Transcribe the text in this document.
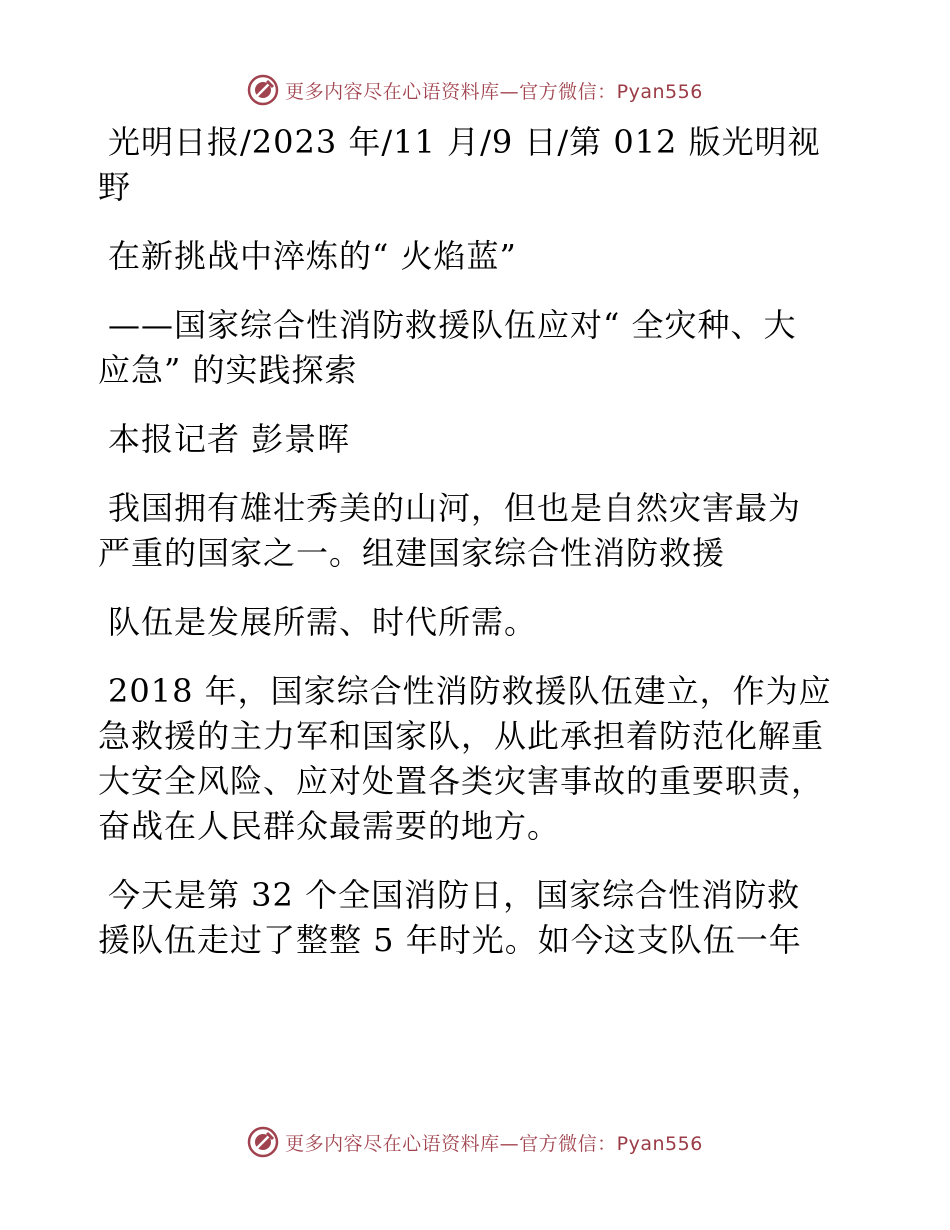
更多内容尽在心语资料库—官方微信：Pyan556
光明日报/2023 年/11 月/9 日/第 012 版光明视
野
在新挑战中淬炼的“ 火焰蓝”
——国家综合性消防救援队伍应对“ 全灾种、大
应急” 的实践探索
本报记者 彭景晖
我国拥有雄壮秀美的山河，但也是自然灾害最为
严重的国家之一。组建国家综合性消防救援
队伍是发展所需、时代所需。
2018 年，国家综合性消防救援队伍建立，作为应
急救援的主力军和国家队，从此承担着防范化解重
大安全风险、应对处置各类灾害事故的重要职责，
奋战在人民群众最需要的地方。
今天是第 32 个全国消防日，国家综合性消防救
援队伍走过了整整 5 年时光。如今这支队伍一年
更多内容尽在心语资料库—官方微信：Pyan556
